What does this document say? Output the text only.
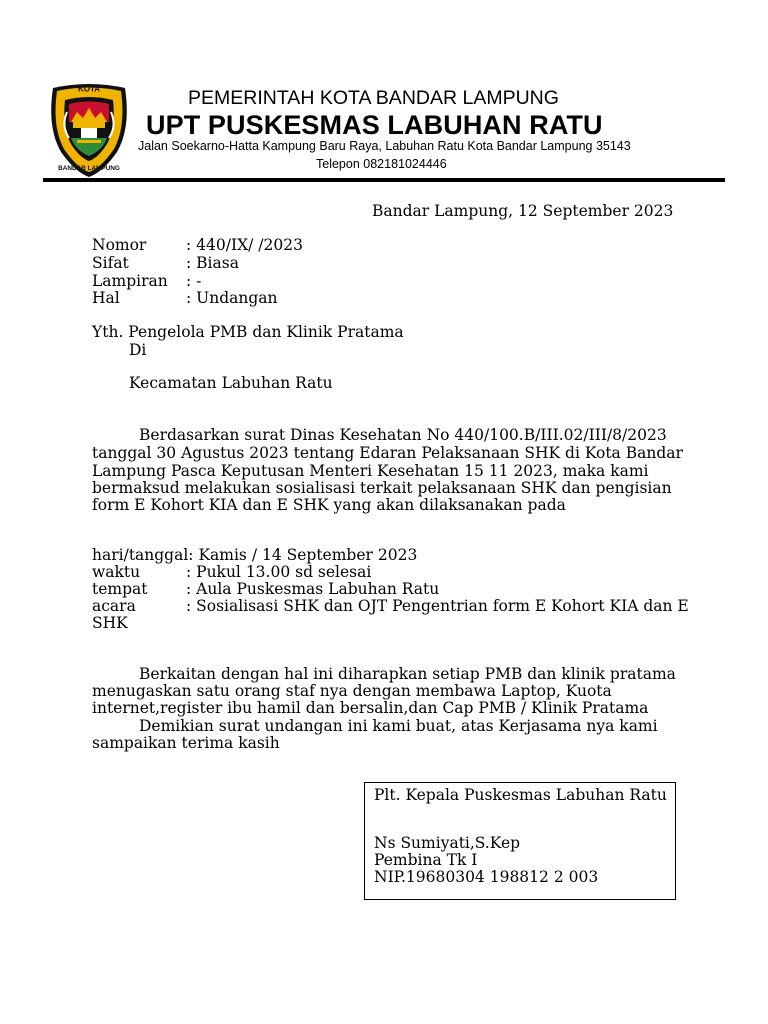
KOTA
BANDAR LAMPUNG
PEMERINTAH KOTA BANDAR LAMPUNG
UPT PUSKESMAS LABUHAN RATU
Jalan Soekarno-Hatta Kampung Baru Raya, Labuhan Ratu Kota Bandar Lampung 35143
Telepon 082181024446
Bandar Lampung, 12 September 2023
Nomor	: 440/IX/ /2023
Sifat	: Biasa
Lampiran : -
Hal	: Undangan
Yth. Pengelola PMB dan Klinik Pratama
Di
Kecamatan Labuhan Ratu
Berdasarkan surat Dinas Kesehatan No 440/100.B/III.02/III/8/2023
tanggal 30 Agustus 2023 tentang Edaran Pelaksanaan SHK di Kota Bandar
Lampung Pasca Keputusan Menteri Kesehatan 15 11 2023, maka kami
bermaksud melakukan sosialisasi terkait pelaksanaan SHK dan pengisian
form E Kohort KIA dan E SHK yang akan dilaksanakan pada
hari/tanggal: Kamis / 14 September 2023
waktu	: Pukul 13.00 sd selesai
tempat : Aula Puskesmas Labuhan Ratu
acara	: Sosialisasi SHK dan OJT Pengentrian form E Kohort KIA dan E
SHK
Berkaitan dengan hal ini diharapkan setiap PMB dan klinik pratama
menugaskan satu orang staf nya dengan membawa Laptop, Kuota
internet,register ibu hamil dan bersalin,dan Cap PMB / Klinik Pratama
Demikian surat undangan ini kami buat, atas Kerjasama nya kami
sampaikan terima kasih
Plt. Kepala Puskesmas Labuhan Ratu
Ns Sumiyati,S.Kep
Pembina Tk I
NIP.19680304 198812 2 003
